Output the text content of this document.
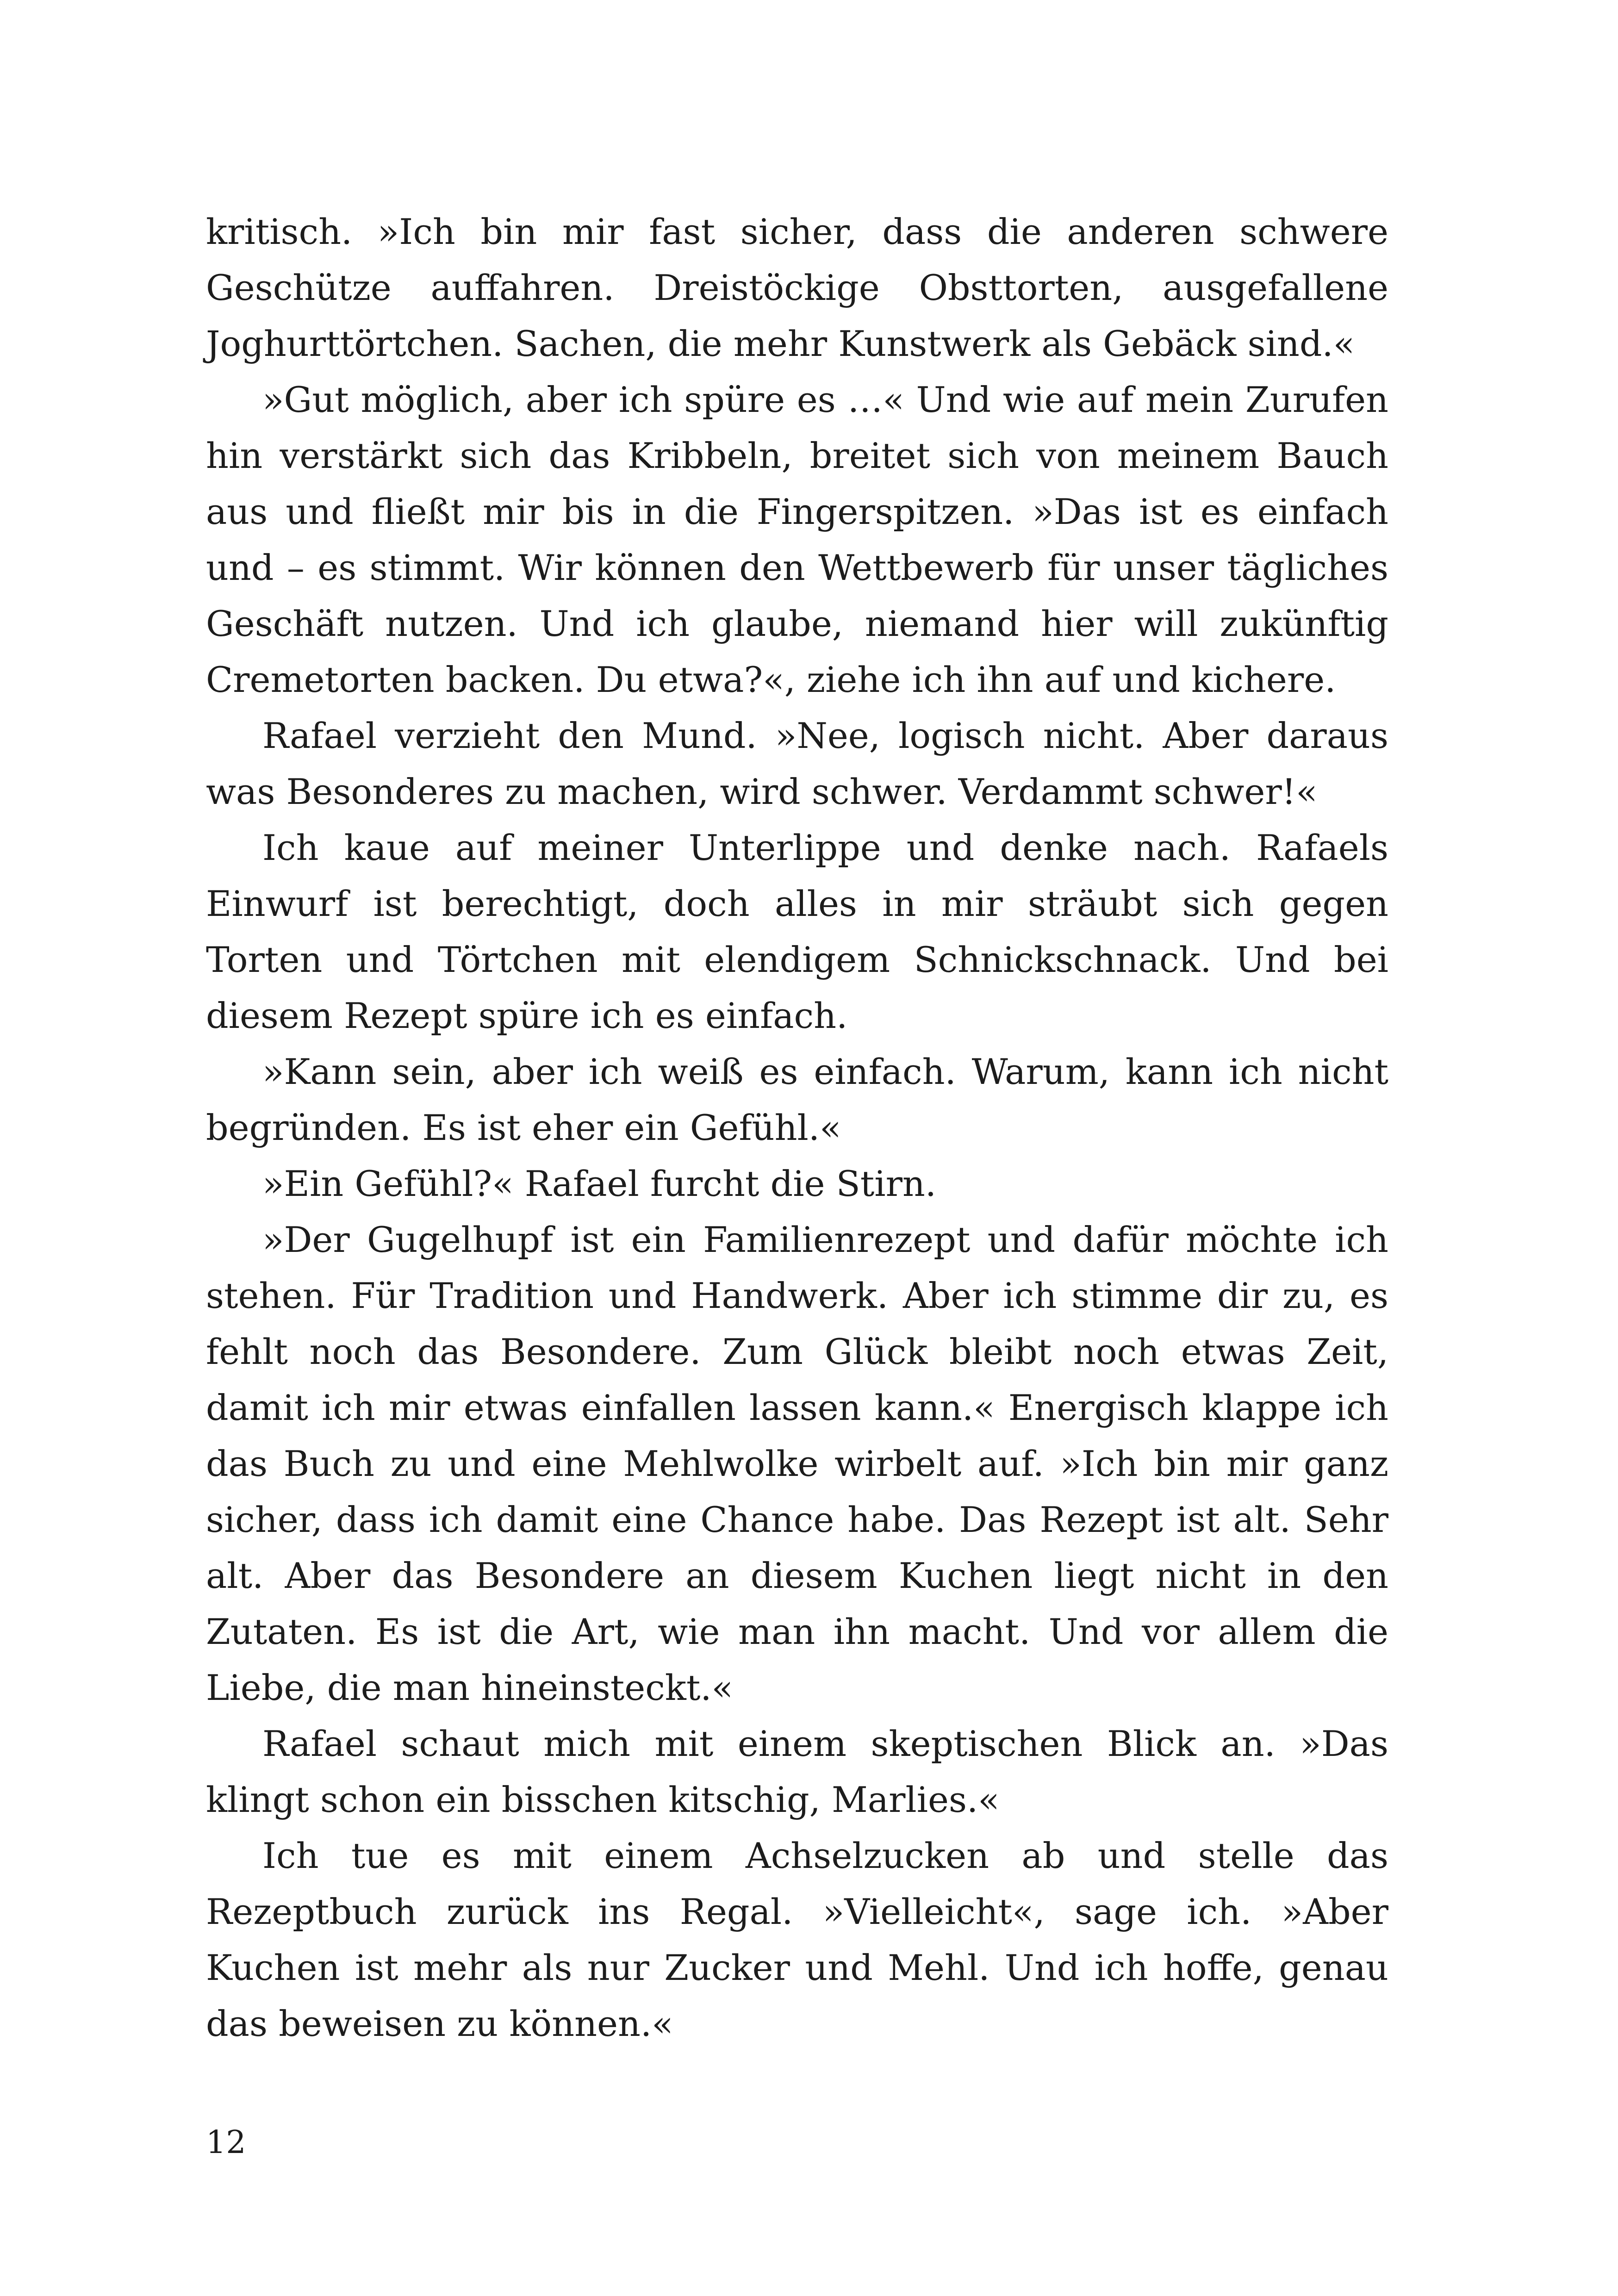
kritisch. »Ich bin mir fast sicher, dass die anderen schwere Geschütze auffahren. Dreistöckige Obsttorten, ausgefallene Joghurttörtchen. Sachen, die mehr Kunstwerk als Gebäck sind.«

»Gut möglich, aber ich spüre es …« Und wie auf mein Zurufen hin verstärkt sich das Kribbeln, breitet sich von meinem Bauch aus und fließt mir bis in die Fingerspitzen. »Das ist es einfach und – es stimmt. Wir können den Wettbewerb für unser tägliches Geschäft nutzen. Und ich glaube, niemand hier will zukünftig Cremetorten backen. Du etwa?«, ziehe ich ihn auf und kichere.

Rafael verzieht den Mund. »Nee, logisch nicht. Aber daraus was Besonderes zu machen, wird schwer. Verdammt schwer!«

Ich kaue auf meiner Unterlippe und denke nach. Rafaels Einwurf ist berechtigt, doch alles in mir sträubt sich gegen Torten und Törtchen mit elendigem Schnickschnack. Und bei diesem Rezept spüre ich es einfach.

»Kann sein, aber ich weiß es einfach. Warum, kann ich nicht begründen. Es ist eher ein Gefühl.«

»Ein Gefühl?« Rafael furcht die Stirn.

»Der Gugelhupf ist ein Familienrezept und dafür möchte ich stehen. Für Tradition und Handwerk. Aber ich stimme dir zu, es fehlt noch das Besondere. Zum Glück bleibt noch etwas Zeit, damit ich mir etwas einfallen lassen kann.« Energisch klappe ich das Buch zu und eine Mehlwolke wirbelt auf. »Ich bin mir ganz sicher, dass ich damit eine Chance habe. Das Rezept ist alt. Sehr alt. Aber das Besondere an diesem Kuchen liegt nicht in den Zutaten. Es ist die Art, wie man ihn macht. Und vor allem die Liebe, die man hineinsteckt.«

Rafael schaut mich mit einem skeptischen Blick an. »Das klingt schon ein bisschen kitschig, Marlies.«

Ich tue es mit einem Achselzucken ab und stelle das Rezeptbuch zurück ins Regal. »Vielleicht«, sage ich. »Aber Kuchen ist mehr als nur Zucker und Mehl. Und ich hoffe, genau das beweisen zu können.«

12
